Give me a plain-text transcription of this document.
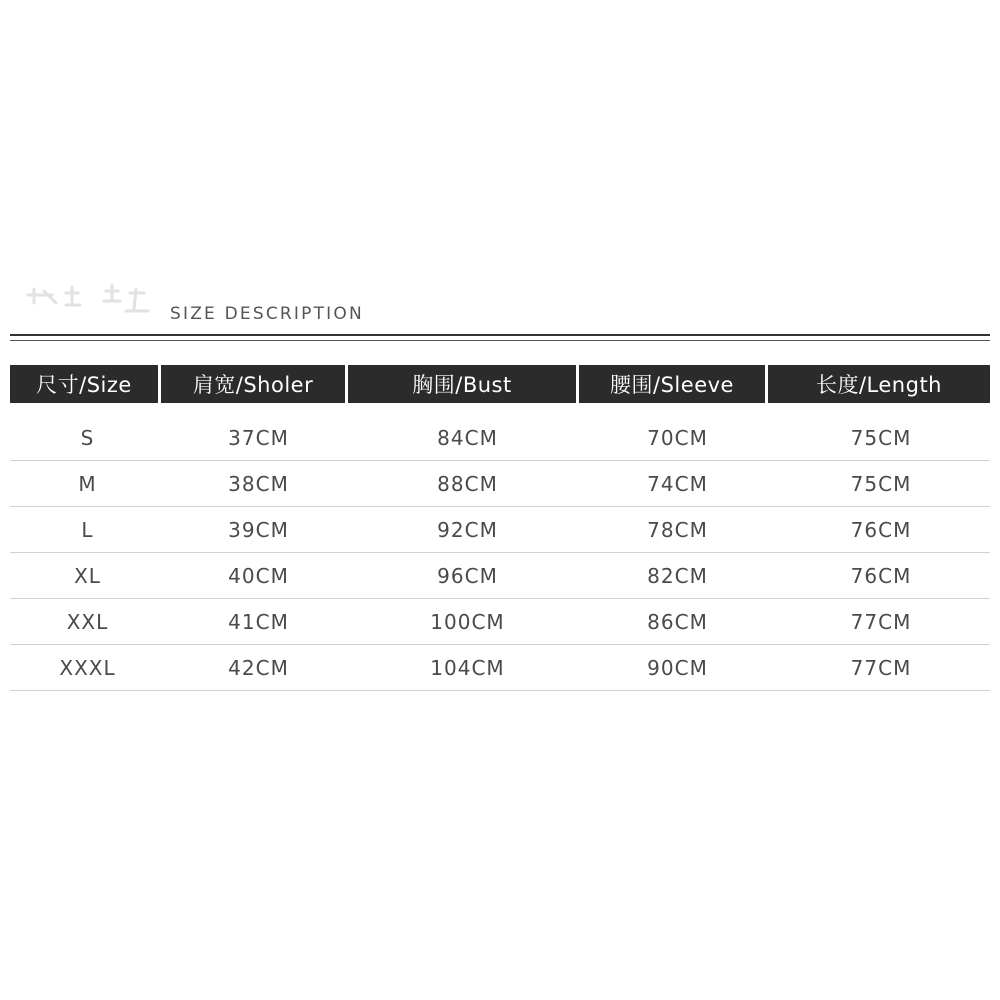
SIZE DESCRIPTION
尺寸/Size	肩宽/Sholer	胸围/Bust	腰围/Sleeve	长度/Length
S	37CM	84CM	70CM	75CM
M	38CM	88CM	74CM	75CM
L	39CM	92CM	78CM	76CM
XL	40CM	96CM	82CM	76CM
XXL	41CM	100CM	86CM	77CM
XXXL	42CM	104CM	90CM	77CM
